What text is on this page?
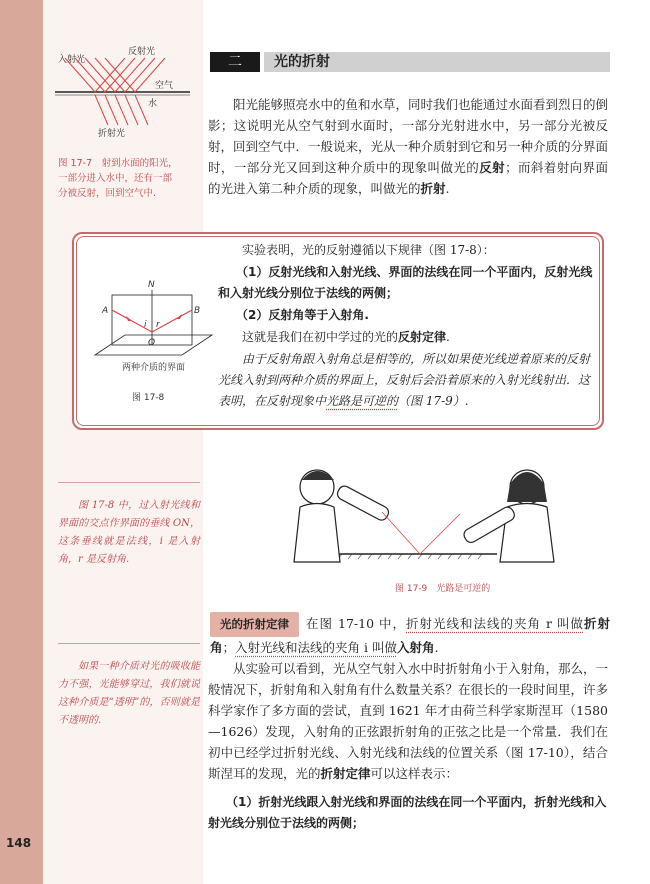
148
入射光
反射光
空气
水
折射光
图 17-7　射到水面的阳光，一部分进入水中，还有一部分被反射，回到空气中.
二	光的折射
阳光能够照亮水中的鱼和水草，同时我们也能通过水面看到烈日的倒影；这说明光从空气射到水面时，一部分光射进水中，另一部分光被反射，回到空气中．一般说来，光从一种介质射到它和另一种介质的分界面时，一部分光又回到这种介质中的现象叫做光的反射；而斜着射向界面的光进入第二种介质的现象，叫做光的折射.
N
A	B
O
i r
两种介质的界面
图 17-8
实验表明，光的反射遵循以下规律（图 17-8）：
（1）反射光线和入射光线、界面的法线在同一个平面内，反射光线和入射光线分别位于法线的两侧；
（2）反射角等于入射角.
这就是我们在初中学过的光的反射定律.
由于反射角跟入射角总是相等的，所以如果使光线逆着原来的反射光线入射到两种介质的界面上，反射后会沿着原来的入射光线射出．这表明，在反射现象中光路是可逆的（图 17-9）.

图 17-8 中，过入射光线和界面的交点作界面的垂线 ON，这条垂线就是法线，i 是入射角，r 是反射角.

图 17-9　光路是可逆的
光的折射定律 在图 17-10 中，折射光线和法线的夹角 r 叫做折射角；入射光线和法线的夹角 i 叫做入射角.
从实验可以看到，光从空气射入水中时折射角小于入射角，那么，一般情况下，折射角和入射角有什么数量关系？在很长的一段时间里，许多科学家作了多方面的尝试，直到 1621 年才由荷兰科学家斯涅耳（1580—1626）发现，入射角的正弦跟折射角的正弦之比是一个常量．我们在初中已经学过折射光线、入射光线和法线的位置关系（图 17-10），结合斯涅耳的发现，光的折射定律可以这样表示：
（1）折射光线跟入射光线和界面的法线在同一个平面内，折射光线和入射光线分别位于法线的两侧；

如果一种介质对光的吸收能力不强，光能够穿过，我们就说这种介质是“透明”的，否则就是不透明的.
